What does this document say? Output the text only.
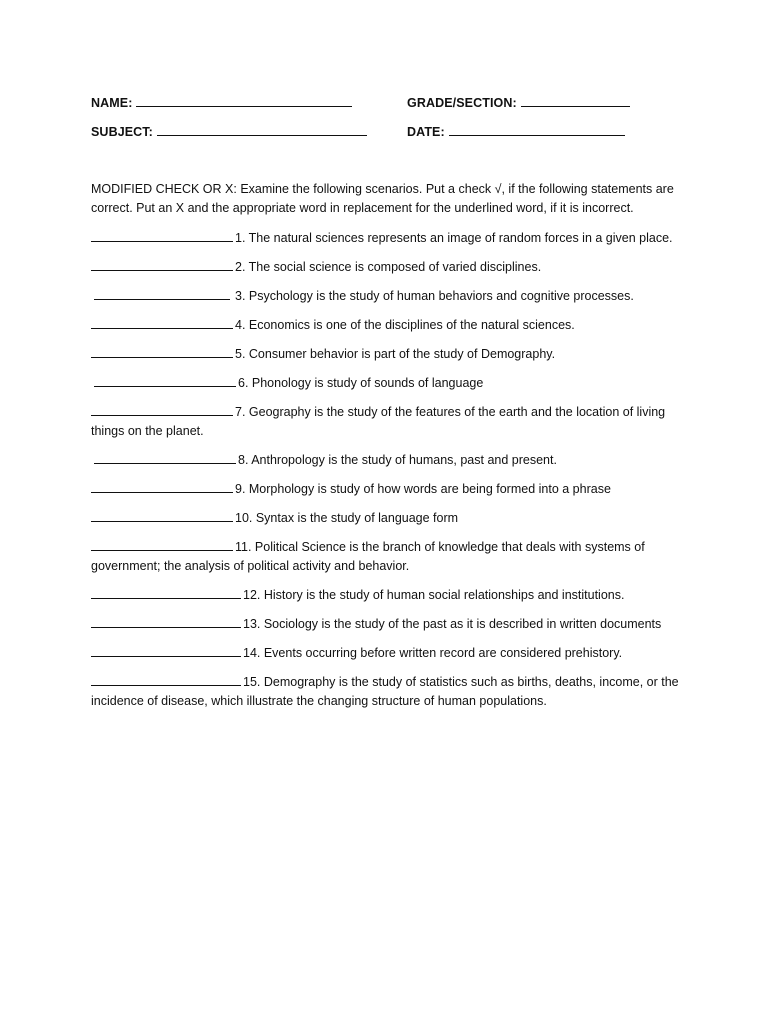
NAME:	GRADE/SECTION:
SUBJECT:	DATE:
MODIFIED CHECK OR X: Examine the following scenarios. Put a check √, if the following statements are correct. Put an X and the appropriate word in replacement for the underlined word, if it is incorrect.
1. The natural sciences represents an image of random forces in a given place.
2. The social science is composed of varied disciplines.
3. Psychology is the study of human behaviors and cognitive processes.
4. Economics is one of the disciplines of the natural sciences.
5. Consumer behavior is part of the study of Demography.
6. Phonology is study of sounds of language
7. Geography is the study of the features of the earth and the location of living things on the planet.
8. Anthropology is the study of humans, past and present.
9. Morphology is study of how words are being formed into a phrase
10. Syntax is the study of language form
11. Political Science is the branch of knowledge that deals with systems of government; the analysis of political activity and behavior.
12. History is the study of human social relationships and institutions.
13. Sociology is the study of the past as it is described in written documents
14. Events occurring before written record are considered prehistory.
15. Demography is the study of statistics such as births, deaths, income, or the incidence of disease, which illustrate the changing structure of human populations.
